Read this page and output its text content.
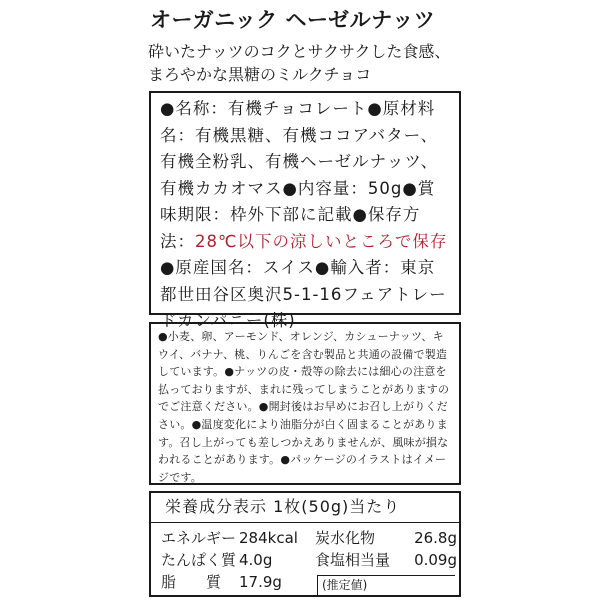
オーガニック ヘーゼルナッツ
砕いたナッツのコクとサクサクした食感、
まろやかな黒糖のミルクチョコ

●名称：有機チョコレート●原材料名：有機黒糖、有機ココアバター、有機全粉乳、有機ヘーゼルナッツ、有機カカオマス●内容量：50g●賞味期限：枠外下部に記載●保存方法：28℃以下の涼しいところで保存●原産国名：スイス●輸入者：東京都世田谷区奥沢5-1-16フェアトレードカンパニー(株)

●小麦、卵、アーモンド、オレンジ、カシューナッツ、キウイ、バナナ、桃、りんごを含む製品と共通の設備で製造しています。●ナッツの皮・殻等の除去には細心の注意を払っておりますが、まれに残ってしまうことがありますのでご注意ください。●開封後はお早めにお召し上がりください。●温度変化により油脂分が白く固まることがあります。召し上がっても差しつかえありませんが、風味が損なわれることがあります。●パッケージのイラストはイメージです。

栄養成分表示 1枚(50g)当たり
エネルギー 284kcal 炭水化物	26.8g
たんぱく質 4.0g	食塩相当量 0.09g
脂　　質 17.9g	(推定値)
